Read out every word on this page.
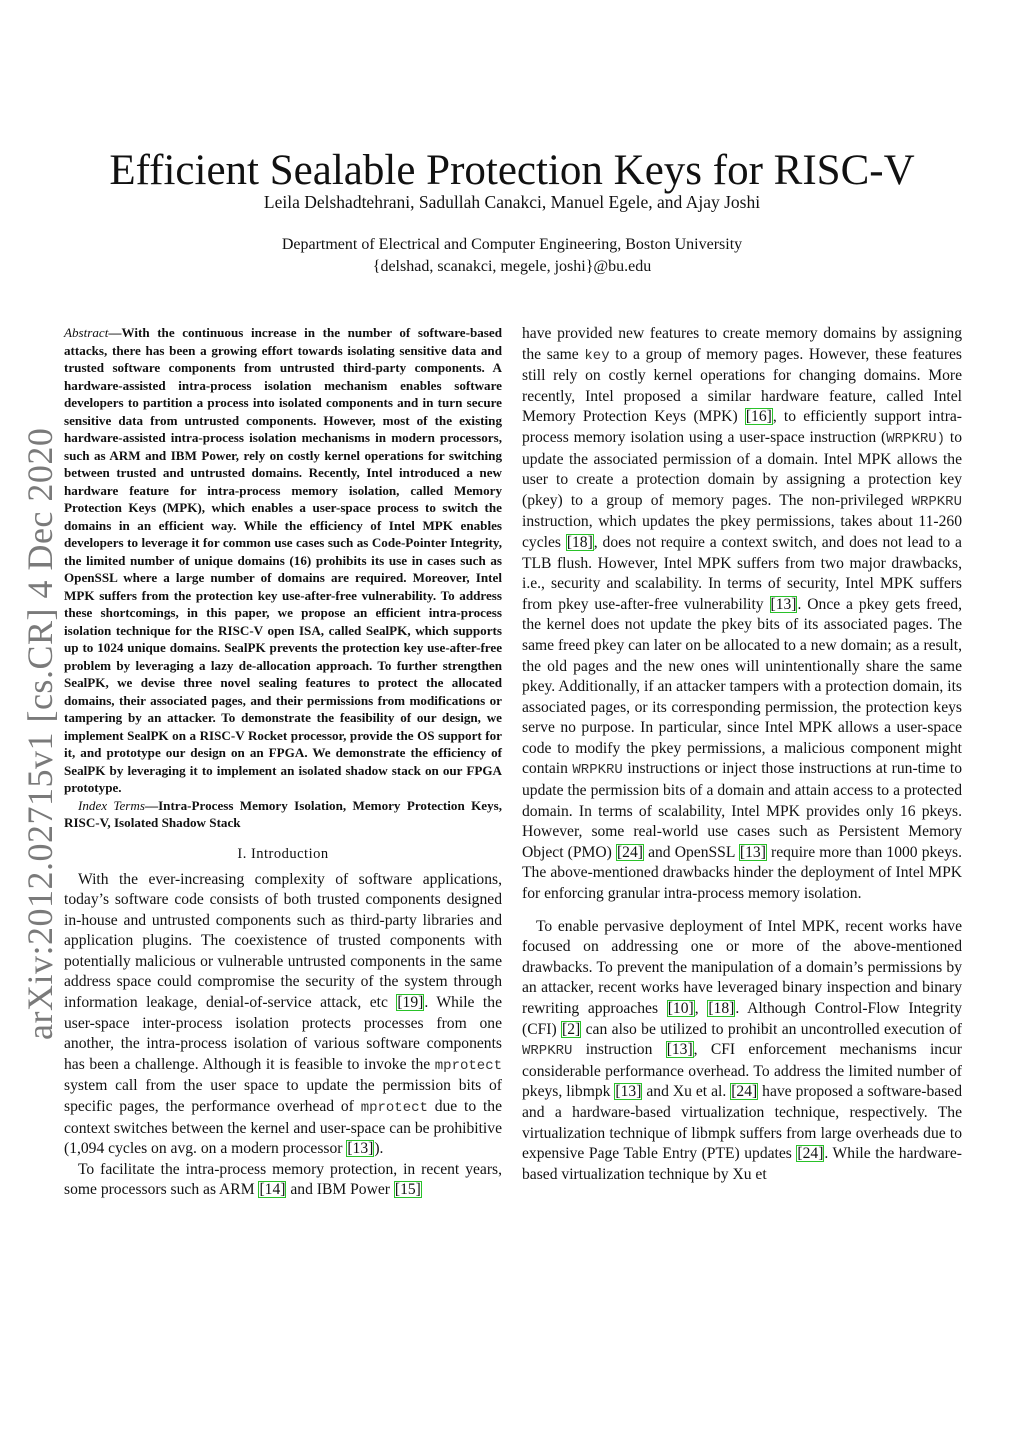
Efficient Sealable Protection Keys for RISC-V
Leila Delshadtehrani, Sadullah Canakci, Manuel Egele, and Ajay Joshi
Department of Electrical and Computer Engineering, Boston University
{delshad, scanakci, megele, joshi}@bu.edu
arXiv:2012.02715v1 [cs.CR] 4 Dec 2020

Abstract—With the continuous increase in the number of software-based attacks, there has been a growing effort towards isolating sensitive data and trusted software components from untrusted third-party components. A hardware-assisted intra-process isolation mechanism enables software developers to partition a process into isolated components and in turn secure sensitive data from untrusted components. However, most of the existing hardware-assisted intra-process isolation mechanisms in modern processors, such as ARM and IBM Power, rely on costly kernel operations for switching between trusted and untrusted domains. Recently, Intel introduced a new hardware feature for intra-process memory isolation, called Memory Protection Keys (MPK), which enables a user-space process to switch the domains in an efficient way. While the efficiency of Intel MPK enables developers to leverage it for common use cases such as Code-Pointer Integrity, the limited number of unique domains (16) prohibits its use in cases such as OpenSSL where a large number of domains are required. Moreover, Intel MPK suffers from the protection key use-after-free vulnerability. To address these shortcomings, in this paper, we propose an efficient intra-process isolation technique for the RISC-V open ISA, called SealPK, which supports up to 1024 unique domains. SealPK prevents the protection key use-after-free problem by leveraging a lazy de-allocation approach. To further strengthen SealPK, we devise three novel sealing features to protect the allocated domains, their associated pages, and their permissions from modifications or tampering by an attacker. To demonstrate the feasibility of our design, we implement SealPK on a RISC-V Rocket processor, provide the OS support for it, and prototype our design on an FPGA. We demonstrate the efficiency of SealPK by leveraging it to implement an isolated shadow stack on our FPGA prototype.

Index Terms—Intra-Process Memory Isolation, Memory Protection Keys, RISC-V, Isolated Shadow Stack

I. Introduction

With the ever-increasing complexity of software applications, today’s software code consists of both trusted components designed in-house and untrusted components such as third-party libraries and application plugins. The coexistence of trusted components with potentially malicious or vulnerable untrusted components in the same address space could compromise the security of the system through information leakage, denial-of-service attack, etc [19]. While the user-space inter-process isolation protects processes from one another, the intra-process isolation of various software components has been a challenge. Although it is feasible to invoke the mprotect system call from the user space to update the permission bits of specific pages, the performance overhead of mprotect due to the context switches between the kernel and user-space can be prohibitive (1,094 cycles on avg. on a modern processor [13]).

To facilitate the intra-process memory protection, in recent years, some processors such as ARM [14] and IBM Power [15]

have provided new features to create memory domains by assigning the same key to a group of memory pages. However, these features still rely on costly kernel operations for changing domains. More recently, Intel proposed a similar hardware feature, called Intel Memory Protection Keys (MPK) [16], to efficiently support intra-process memory isolation using a user-space instruction (WRPKRU) to update the associated permission of a domain. Intel MPK allows the user to create a protection domain by assigning a protection key (pkey) to a group of memory pages. The non-privileged WRPKRU instruction, which updates the pkey permissions, takes about 11-260 cycles [18], does not require a context switch, and does not lead to a TLB flush. However, Intel MPK suffers from two major drawbacks, i.e., security and scalability. In terms of security, Intel MPK suffers from pkey use-after-free vulnerability [13]. Once a pkey gets freed, the kernel does not update the pkey bits of its associated pages. The same freed pkey can later on be allocated to a new domain; as a result, the old pages and the new ones will unintentionally share the same pkey. Additionally, if an attacker tampers with a protection domain, its associated pages, or its corresponding permission, the protection keys serve no purpose. In particular, since Intel MPK allows a user-space code to modify the pkey permissions, a malicious component might contain WRPKRU instructions or inject those instructions at run-time to update the permission bits of a domain and attain access to a protected domain. In terms of scalability, Intel MPK provides only 16 pkeys. However, some real-world use cases such as Persistent Memory Object (PMO) [24] and OpenSSL [13] require more than 1000 pkeys. The above-mentioned drawbacks hinder the deployment of Intel MPK for enforcing granular intra-process memory isolation.

To enable pervasive deployment of Intel MPK, recent works have focused on addressing one or more of the above-mentioned drawbacks. To prevent the manipulation of a domain’s permissions by an attacker, recent works have leveraged binary inspection and binary rewriting approaches [10], [18]. Although Control-Flow Integrity (CFI) [2] can also be utilized to prohibit an uncontrolled execution of WRPKRU instruction [13], CFI enforcement mechanisms incur considerable performance overhead. To address the limited number of pkeys, libmpk [13] and Xu et al. [24] have proposed a software-based and a hardware-based virtualization technique, respectively. The virtualization technique of libmpk suffers from large overheads due to expensive Page Table Entry (PTE) updates [24]. While the hardware-based virtualization technique by Xu et
